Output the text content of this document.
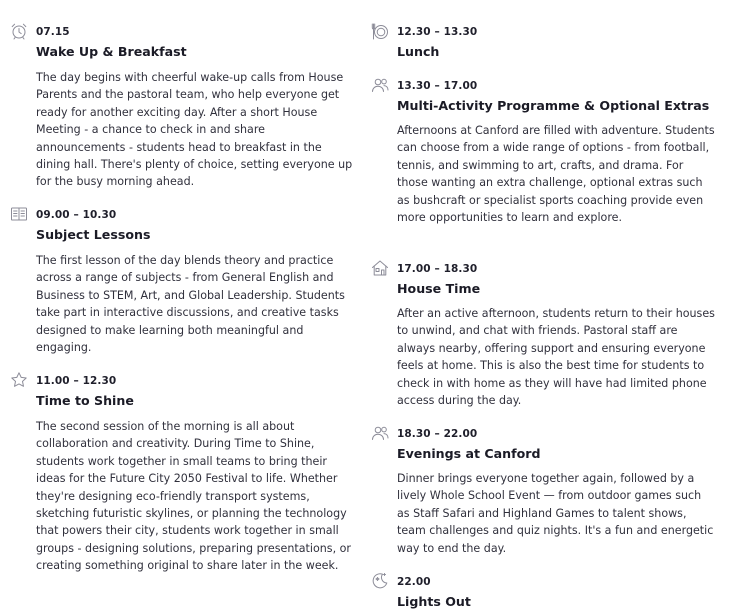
07.15
Wake Up & Breakfast

The day begins with cheerful wake-up calls from House Parents and the pastoral team, who help everyone get ready for another exciting day. After a short House Meeting - a chance to check in and share announcements - students head to breakfast in the dining hall. There's plenty of choice, setting everyone up for the busy morning ahead.

09.00 – 10.30
Subject Lessons

The first lesson of the day blends theory and practice across a range of subjects - from General English and Business to STEM, Art, and Global Leadership. Students take part in interactive discussions, and creative tasks designed to make learning both meaningful and engaging.

11.00 – 12.30
Time to Shine

The second session of the morning is all about collaboration and creativity. During Time to Shine, students work together in small teams to bring their ideas for the Future City 2050 Festival to life. Whether they're designing eco-friendly transport systems, sketching futuristic skylines, or planning the technology that powers their city, students work together in small groups - designing solutions, preparing presentations, or creating something original to share later in the week.

12.30 – 13.30
Lunch
13.30 – 17.00
Multi-Activity Programme & Optional Extras

Afternoons at Canford are filled with adventure. Students can choose from a wide range of options - from football, tennis, and swimming to art, crafts, and drama. For those wanting an extra challenge, optional extras such as bushcraft or specialist sports coaching provide even more opportunities to learn and explore.

17.00 – 18.30
House Time

After an active afternoon, students return to their houses to unwind, and chat with friends. Pastoral staff are always nearby, offering support and ensuring everyone feels at home. This is also the best time for students to check in with home as they will have had limited phone access during the day.

18.30 – 22.00
Evenings at Canford

Dinner brings everyone together again, followed by a lively Whole School Event — from outdoor games such as Staff Safari and Highland Games to talent shows, team challenges and quiz nights. It's a fun and energetic way to end the day.

22.00
Lights Out
